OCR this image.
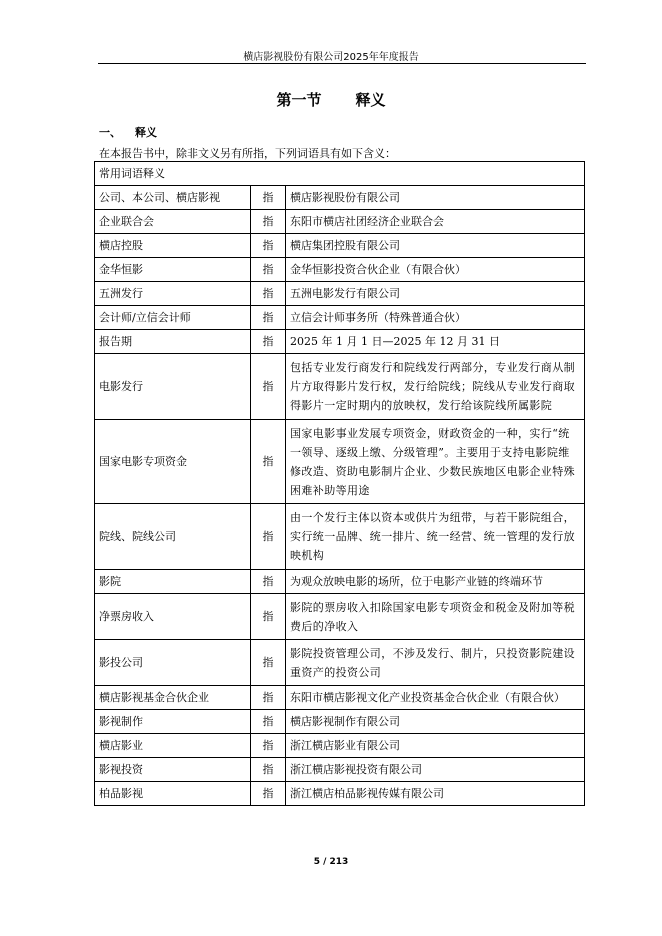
横店影视股份有限公司2025年年度报告
第一节 释义
一、 释义
在本报告书中，除非文义另有所指，下列词语具有如下含义：
常用词语释义		
公司、本公司、横店影视	指	横店影视股份有限公司
企业联合会	指	东阳市横店社团经济企业联合会
横店控股	指	横店集团控股有限公司
金华恒影	指	金华恒影投资合伙企业（有限合伙）
五洲发行	指	五洲电影发行有限公司
会计师/立信会计师	指	立信会计师事务所（特殊普通合伙）
报告期	指	2025 年 1 月 1 日—2025 年 12 月 31 日
电影发行	指	包括专业发行商发行和院线发行两部分，专业发行商从制片方取得影片发行权，发行给院线；院线从专业发行商取得影片一定时期内的放映权，发行给该院线所属影院
国家电影专项资金	指	国家电影事业发展专项资金，财政资金的一种，实行“统一领导、逐级上缴、分级管理”。主要用于支持电影院维修改造、资助电影制片企业、少数民族地区电影企业特殊困难补助等用途
院线、院线公司	指	由一个发行主体以资本或供片为纽带，与若干影院组合，实行统一品牌、统一排片、统一经营、统一管理的发行放映机构
影院	指	为观众放映电影的场所，位于电影产业链的终端环节
净票房收入	指	影院的票房收入扣除国家电影专项资金和税金及附加等税费后的净收入
影投公司	指	影院投资管理公司，不涉及发行、制片，只投资影院建设重资产的投资公司
横店影视基金合伙企业	指	东阳市横店影视文化产业投资基金合伙企业（有限合伙）
影视制作	指	横店影视制作有限公司
横店影业	指	浙江横店影业有限公司
影视投资	指	浙江横店影视投资有限公司
柏品影视	指	浙江横店柏品影视传媒有限公司
5 / 213
